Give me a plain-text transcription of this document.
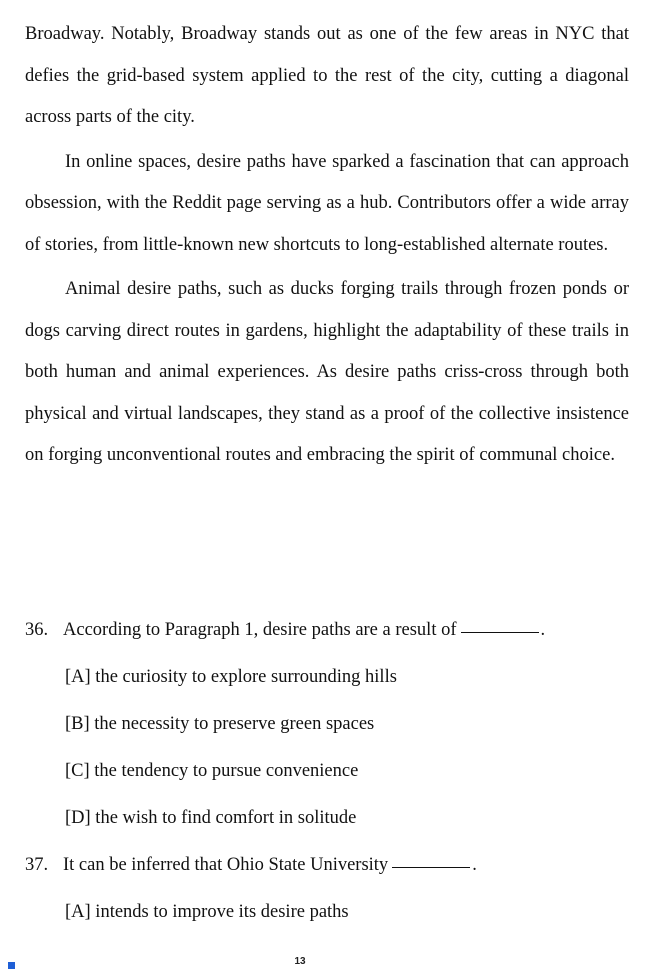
Broadway. Notably, Broadway stands out as one of the few areas in NYC that defies the grid-based system applied to the rest of the city, cutting a diagonal across parts of the city.

In online spaces, desire paths have sparked a fascination that can approach obsession, with the Reddit page serving as a hub. Contributors offer a wide array of stories, from little-known new shortcuts to long-established alternate routes.

Animal desire paths, such as ducks forging trails through frozen ponds or dogs carving direct routes in gardens, highlight the adaptability of these trails in both human and animal experiences. As desire paths criss-cross through both physical and virtual landscapes, they stand as a proof of the collective insistence on forging unconventional routes and embracing the spirit of communal choice.

36. According to Paragraph 1, desire paths are a result of	.

[A] the curiosity to explore surrounding hills

[B] the necessity to preserve green spaces

[C] the tendency to pursue convenience

[D] the wish to find comfort in solitude

37. It can be inferred that Ohio State University	.

[A] intends to improve its desire paths

13
